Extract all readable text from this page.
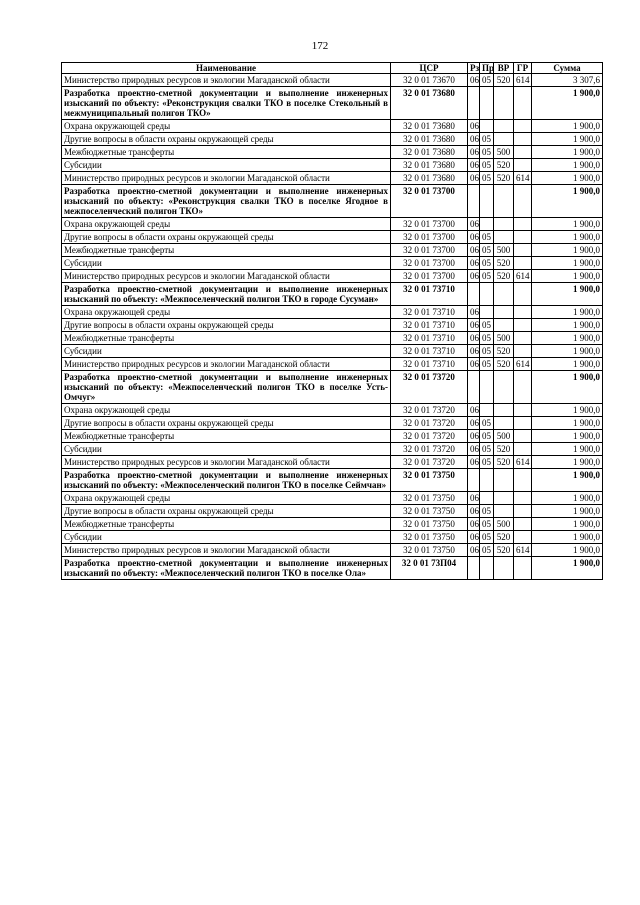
172
Наименование	ЦСР	Рз	Пр	ВР	ГР	Сумма
Министерство природных ресурсов и экологии Магаданской области	32 0 01 73670	06	05	520	614	3 307,6
Разработка проектно-сметной документации и выполнение инженерных изысканий по объекту: «Реконструкция свалки ТКО в поселке Стекольный в межмуниципальный полигон ТКО»	32 0 01 73680					1 900,0
Охрана окружающей среды	32 0 01 73680	06				1 900,0
Другие вопросы в области охраны окружающей среды	32 0 01 73680	06	05			1 900,0
Межбюджетные трансферты	32 0 01 73680	06	05	500		1 900,0
Субсидии	32 0 01 73680	06	05	520		1 900,0
Министерство природных ресурсов и экологии Магаданской области	32 0 01 73680	06	05	520	614	1 900,0
Разработка проектно-сметной документации и выполнение инженерных изысканий по объекту: «Реконструкция свалки ТКО в поселке Ягодное в межпоселенческий полигон ТКО»	32 0 01 73700					1 900,0
Охрана окружающей среды	32 0 01 73700	06				1 900,0
Другие вопросы в области охраны окружающей среды	32 0 01 73700	06	05			1 900,0
Межбюджетные трансферты	32 0 01 73700	06	05	500		1 900,0
Субсидии	32 0 01 73700	06	05	520		1 900,0
Министерство природных ресурсов и экологии Магаданской области	32 0 01 73700	06	05	520	614	1 900,0
Разработка проектно-сметной документации и выполнение инженерных изысканий по объекту: «Межпоселенческий полигон ТКО в городе Сусуман»	32 0 01 73710					1 900,0
Охрана окружающей среды	32 0 01 73710	06				1 900,0
Другие вопросы в области охраны окружающей среды	32 0 01 73710	06	05			1 900,0
Межбюджетные трансферты	32 0 01 73710	06	05	500		1 900,0
Субсидии	32 0 01 73710	06	05	520		1 900,0
Министерство природных ресурсов и экологии Магаданской области	32 0 01 73710	06	05	520	614	1 900,0
Разработка проектно-сметной документации и выполнение инженерных изысканий по объекту: «Межпоселенческий полигон ТКО в поселке Усть-Омчуг»	32 0 01 73720					1 900,0
Охрана окружающей среды	32 0 01 73720	06				1 900,0
Другие вопросы в области охраны окружающей среды	32 0 01 73720	06	05			1 900,0
Межбюджетные трансферты	32 0 01 73720	06	05	500		1 900,0
Субсидии	32 0 01 73720	06	05	520		1 900,0
Министерство природных ресурсов и экологии Магаданской области	32 0 01 73720	06	05	520	614	1 900,0
Разработка проектно-сметной документации и выполнение инженерных изысканий по объекту: «Межпоселенческий полигон ТКО в поселке Сеймчан»	32 0 01 73750					1 900,0
Охрана окружающей среды	32 0 01 73750	06				1 900,0
Другие вопросы в области охраны окружающей среды	32 0 01 73750	06	05			1 900,0
Межбюджетные трансферты	32 0 01 73750	06	05	500		1 900,0
Субсидии	32 0 01 73750	06	05	520		1 900,0
Министерство природных ресурсов и экологии Магаданской области	32 0 01 73750	06	05	520	614	1 900,0
Разработка проектно-сметной документации и выполнение инженерных изысканий по объекту: «Межпоселенческий полигон ТКО в поселке Ола»	32 0 01 73П04					1 900,0
